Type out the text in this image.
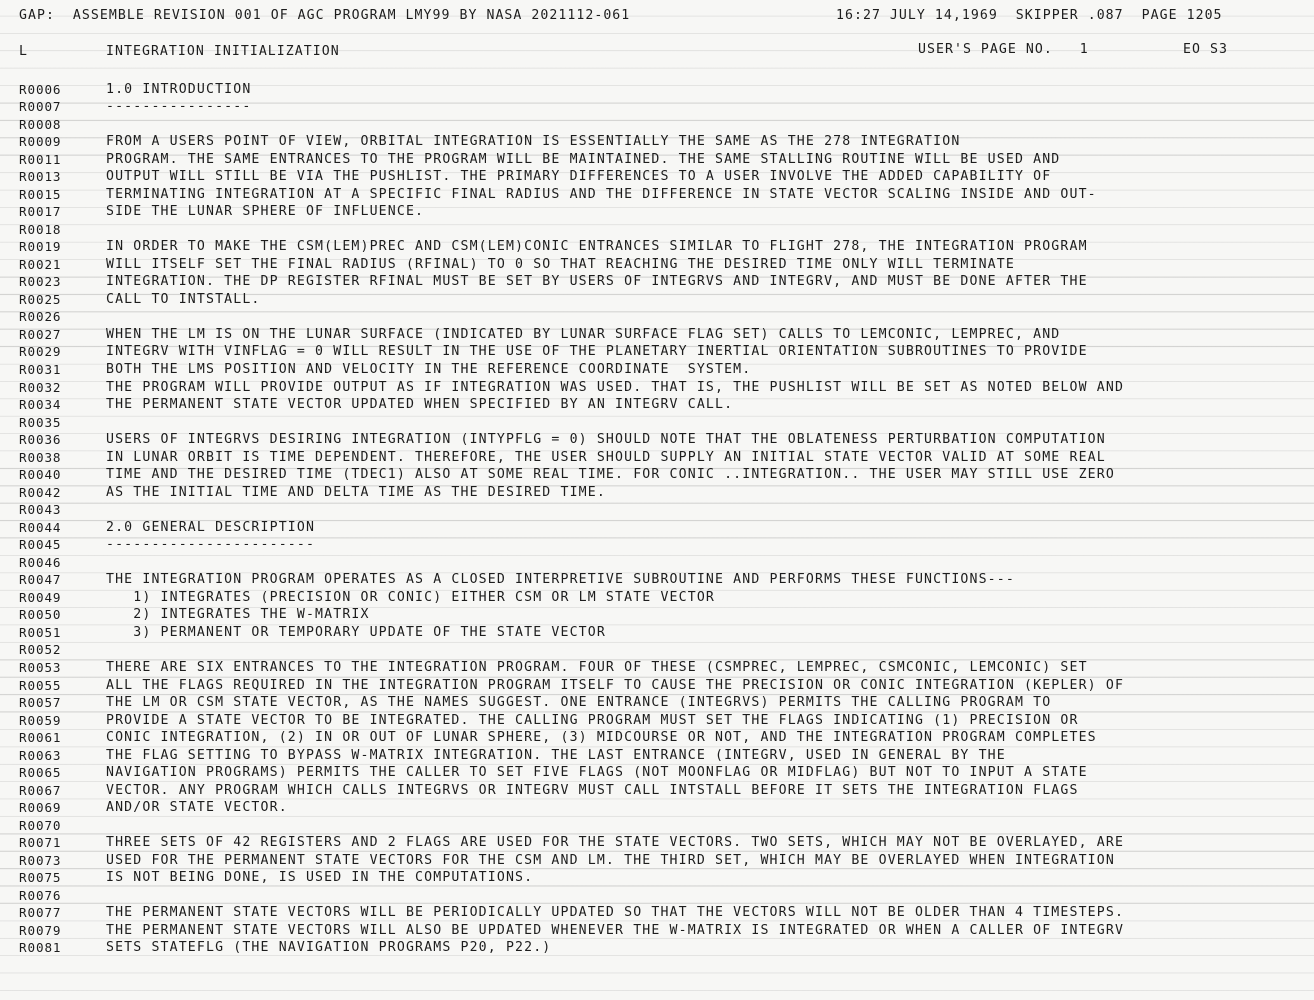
GAP:  ASSEMBLE REVISION 001 OF AGC PROGRAM LMY99 BY NASA 2021112-061	16:27 JULY 14,1969  SKIPPER .087  PAGE 1205
L	INTEGRATION INITIALIZATION	USER'S PAGE NO.   1	EO S3
R0006	1.0 INTRODUCTION
R0007	----------------
R0008
R0009	FROM A USERS POINT OF VIEW, ORBITAL INTEGRATION IS ESSENTIALLY THE SAME AS THE 278 INTEGRATION
R0011	PROGRAM. THE SAME ENTRANCES TO THE PROGRAM WILL BE MAINTAINED. THE SAME STALLING ROUTINE WILL BE USED AND
R0013	OUTPUT WILL STILL BE VIA THE PUSHLIST. THE PRIMARY DIFFERENCES TO A USER INVOLVE THE ADDED CAPABILITY OF
R0015	TERMINATING INTEGRATION AT A SPECIFIC FINAL RADIUS AND THE DIFFERENCE IN STATE VECTOR SCALING INSIDE AND OUT-
R0017	SIDE THE LUNAR SPHERE OF INFLUENCE.
R0018
R0019	IN ORDER TO MAKE THE CSM(LEM)PREC AND CSM(LEM)CONIC ENTRANCES SIMILAR TO FLIGHT 278, THE INTEGRATION PROGRAM
R0021	WILL ITSELF SET THE FINAL RADIUS (RFINAL) TO 0 SO THAT REACHING THE DESIRED TIME ONLY WILL TERMINATE
R0023	INTEGRATION. THE DP REGISTER RFINAL MUST BE SET BY USERS OF INTEGRVS AND INTEGRV, AND MUST BE DONE AFTER THE
R0025	CALL TO INTSTALL.
R0026
R0027	WHEN THE LM IS ON THE LUNAR SURFACE (INDICATED BY LUNAR SURFACE FLAG SET) CALLS TO LEMCONIC, LEMPREC, AND
R0029	INTEGRV WITH VINFLAG = 0 WILL RESULT IN THE USE OF THE PLANETARY INERTIAL ORIENTATION SUBROUTINES TO PROVIDE
R0031	BOTH THE LMS POSITION AND VELOCITY IN THE REFERENCE COORDINATE  SYSTEM.
R0032	THE PROGRAM WILL PROVIDE OUTPUT AS IF INTEGRATION WAS USED. THAT IS, THE PUSHLIST WILL BE SET AS NOTED BELOW AND
R0034	THE PERMANENT STATE VECTOR UPDATED WHEN SPECIFIED BY AN INTEGRV CALL.
R0035
R0036	USERS OF INTEGRVS DESIRING INTEGRATION (INTYPFLG = 0) SHOULD NOTE THAT THE OBLATENESS PERTURBATION COMPUTATION
R0038	IN LUNAR ORBIT IS TIME DEPENDENT. THEREFORE, THE USER SHOULD SUPPLY AN INITIAL STATE VECTOR VALID AT SOME REAL
R0040	TIME AND THE DESIRED TIME (TDEC1) ALSO AT SOME REAL TIME. FOR CONIC ..INTEGRATION.. THE USER MAY STILL USE ZERO
R0042	AS THE INITIAL TIME AND DELTA TIME AS THE DESIRED TIME.
R0043
R0044	2.0 GENERAL DESCRIPTION
R0045	-----------------------
R0046
R0047	THE INTEGRATION PROGRAM OPERATES AS A CLOSED INTERPRETIVE SUBROUTINE AND PERFORMS THESE FUNCTIONS---
R0049	1) INTEGRATES (PRECISION OR CONIC) EITHER CSM OR LM STATE VECTOR
R0050	2) INTEGRATES THE W-MATRIX
R0051	3) PERMANENT OR TEMPORARY UPDATE OF THE STATE VECTOR
R0052
R0053	THERE ARE SIX ENTRANCES TO THE INTEGRATION PROGRAM. FOUR OF THESE (CSMPREC, LEMPREC, CSMCONIC, LEMCONIC) SET
R0055	ALL THE FLAGS REQUIRED IN THE INTEGRATION PROGRAM ITSELF TO CAUSE THE PRECISION OR CONIC INTEGRATION (KEPLER) OF
R0057	THE LM OR CSM STATE VECTOR, AS THE NAMES SUGGEST. ONE ENTRANCE (INTEGRVS) PERMITS THE CALLING PROGRAM TO
R0059	PROVIDE A STATE VECTOR TO BE INTEGRATED. THE CALLING PROGRAM MUST SET THE FLAGS INDICATING (1) PRECISION OR
R0061	CONIC INTEGRATION, (2) IN OR OUT OF LUNAR SPHERE, (3) MIDCOURSE OR NOT, AND THE INTEGRATION PROGRAM COMPLETES
R0063	THE FLAG SETTING TO BYPASS W-MATRIX INTEGRATION. THE LAST ENTRANCE (INTEGRV, USED IN GENERAL BY THE
R0065	NAVIGATION PROGRAMS) PERMITS THE CALLER TO SET FIVE FLAGS (NOT MOONFLAG OR MIDFLAG) BUT NOT TO INPUT A STATE
R0067	VECTOR. ANY PROGRAM WHICH CALLS INTEGRVS OR INTEGRV MUST CALL INTSTALL BEFORE IT SETS THE INTEGRATION FLAGS
R0069	AND/OR STATE VECTOR.
R0070
R0071	THREE SETS OF 42 REGISTERS AND 2 FLAGS ARE USED FOR THE STATE VECTORS. TWO SETS, WHICH MAY NOT BE OVERLAYED, ARE
R0073	USED FOR THE PERMANENT STATE VECTORS FOR THE CSM AND LM. THE THIRD SET, WHICH MAY BE OVERLAYED WHEN INTEGRATION
R0075	IS NOT BEING DONE, IS USED IN THE COMPUTATIONS.
R0076
R0077	THE PERMANENT STATE VECTORS WILL BE PERIODICALLY UPDATED SO THAT THE VECTORS WILL NOT BE OLDER THAN 4 TIMESTEPS.
R0079	THE PERMANENT STATE VECTORS WILL ALSO BE UPDATED WHENEVER THE W-MATRIX IS INTEGRATED OR WHEN A CALLER OF INTEGRV
R0081	SETS STATEFLG (THE NAVIGATION PROGRAMS P20, P22.)
